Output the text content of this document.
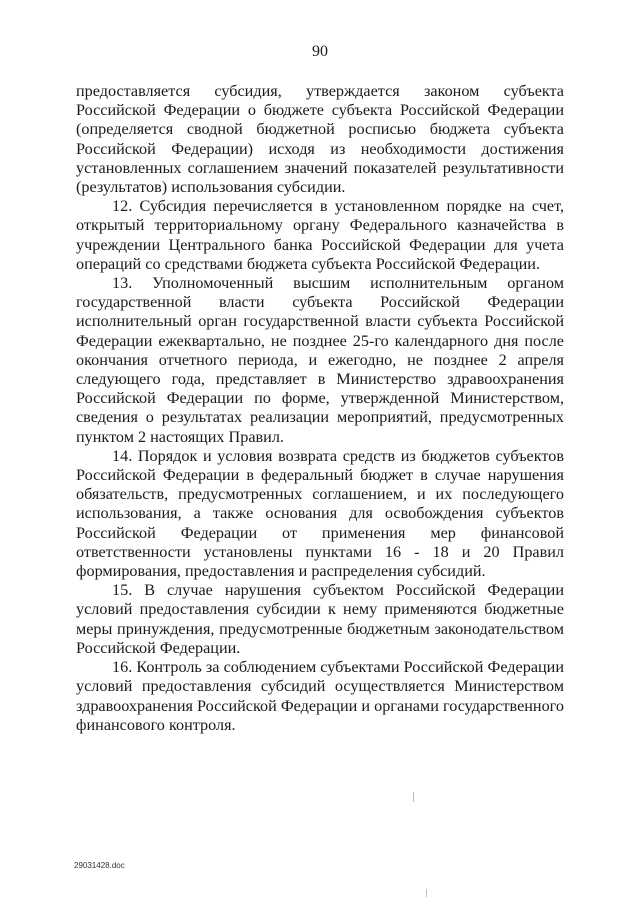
90

предоставляется субсидия, утверждается законом субъекта Российской Федерации о бюджете субъекта Российской Федерации (определяется сводной бюджетной росписью бюджета субъекта Российской Федерации) исходя из необходимости достижения установленных соглашением значений показателей результативности (результатов) использования субсидии.

12. Субсидия перечисляется в установленном порядке на счет, открытый территориальному органу Федерального казначейства в учреждении Центрального банка Российской Федерации для учета операций со средствами бюджета субъекта Российской Федерации.

13. Уполномоченный высшим исполнительным органом государственной власти субъекта Российской Федерации исполнительный орган государственной власти субъекта Российской Федерации ежеквартально, не позднее 25-го календарного дня после окончания отчетного периода, и ежегодно, не позднее 2 апреля следующего года, представляет в Министерство здравоохранения Российской Федерации по форме, утвержденной Министерством, сведения о результатах реализации мероприятий, предусмотренных пунктом 2 настоящих Правил.

14. Порядок и условия возврата средств из бюджетов субъектов Российской Федерации в федеральный бюджет в случае нарушения обязательств, предусмотренных соглашением, и их последующего использования, а также основания для освобождения субъектов Российской Федерации от применения мер финансовой ответственности установлены пунктами 16 - 18 и 20 Правил формирования, предоставления и распределения субсидий.

15. В случае нарушения субъектом Российской Федерации условий предоставления субсидии к нему применяются бюджетные меры принуждения, предусмотренные бюджетным законодательством Российской Федерации.

16. Контроль за соблюдением субъектами Российской Федерации условий предоставления субсидий осуществляется Министерством здравоохранения Российской Федерации и органами государственного финансового контроля.

29031428.doc
